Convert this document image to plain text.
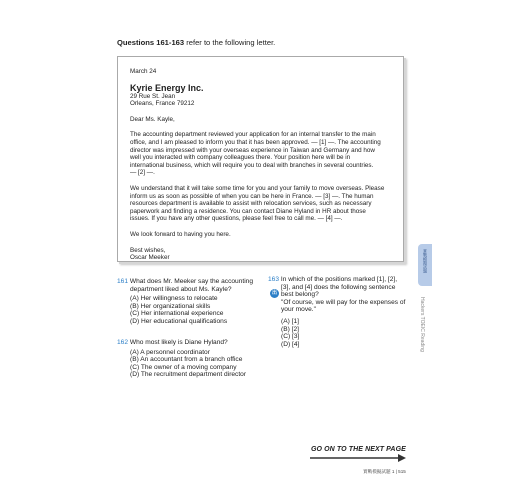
Questions 161-163 refer to the following letter.

March 24

Kyrie Energy Inc.

29 Rue St. Jean

Orleans, France 79212

Dear Ms. Kayle,

The accounting department reviewed your application for an internal transfer to the main

office, and I am pleased to inform you that it has been approved. — [1] —. The accounting

director was impressed with your overseas experience in Taiwan and Germany and how

well you interacted with company colleagues there. Your position here will be in

international business, which will require you to deal with branches in several countries.

— [2] —.

We understand that it will take some time for you and your family to move overseas. Please

inform us as soon as possible of when you can be here in France. — [3] —. The human

resources department is available to assist with relocation services, such as necessary

paperwork and finding a residence. You can contact Diane Hyland in HR about those

issues. If you have any other questions, please feel free to call me. — [4] —.

We look forward to having you here.

Best wishes,

Oscar Meeker

161 What does Mr. Meeker say the accounting
department liked about Ms. Kayle?
(A) Her willingness to relocate
(B) Her organizational skills
(C) Her international experience
(D) Her educational qualifications
162 Who most likely is Diane Hyland?
(A) A personnel coordinator
(B) An accountant from a branch office
(C) The owner of a moving company
(D) The recruitment department director
163 In which of the positions marked [1], [2],
[3], and [4] does the following sentence
best belong?
"Of course, we will pay for the expenses of
your move."
(A) [1]
(B) [2]
(C) [3]
(D) [4]
出
實戰模擬試題
Hackers TOEIC Reading
GO ON TO THE NEXT PAGE
實戰模擬試題 1 | 515
